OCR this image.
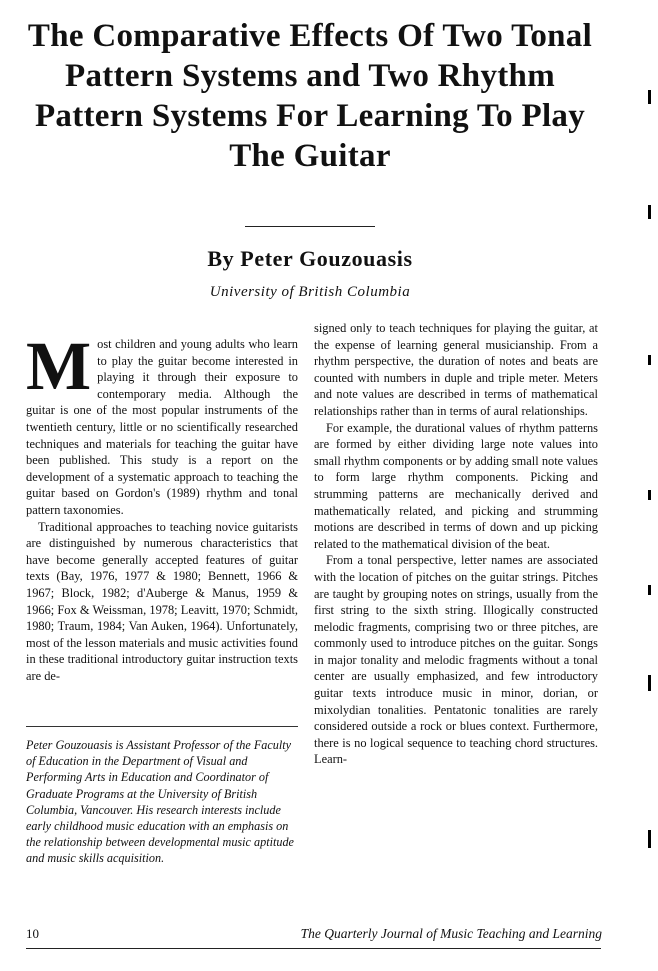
The Comparative Effects Of Two Tonal Pattern Systems and Two Rhythm Pattern Systems For Learning To Play The Guitar
By Peter Gouzouasis
University of British Columbia
M ost children and young adults who learn to play the guitar become interested in playing it through their exposure to contemporary media. Although the guitar is one of the most popular instruments of the twentieth century, little or no scientifically researched techniques and materials for teaching the guitar have been published. This study is a report on the development of a systematic approach to teaching the guitar based on Gordon's (1989) rhythm and tonal pattern taxonomies.

Traditional approaches to teaching novice guitarists are distinguished by numerous characteristics that have become generally accepted features of guitar texts (Bay, 1976, 1977 & 1980; Bennett, 1966 & 1967; Block, 1982; d'Auberge & Manus, 1959 & 1966; Fox & Weissman, 1978; Leavitt, 1970; Schmidt, 1980; Traum, 1984; Van Auken, 1964). Unfortunately, most of the lesson materials and music activities found in these traditional introductory guitar instruction texts are de-

Peter Gouzouasis is Assistant Professor of the Faculty of Education in the Department of Visual and Performing Arts in Education and Coordinator of Graduate Programs at the University of British Columbia, Vancouver. His research interests include early childhood music education with an emphasis on the relationship between developmental music aptitude and music skills acquisition.

signed only to teach techniques for playing the guitar, at the expense of learning general musicianship. From a rhythm perspective, the duration of notes and beats are counted with numbers in duple and triple meter. Meters and note values are described in terms of mathematical relationships rather than in terms of aural relationships.

For example, the durational values of rhythm patterns are formed by either dividing large note values into small rhythm components or by adding small note values to form large rhythm components. Picking and strumming patterns are mechanically derived and mathematically related, and picking and strumming motions are described in terms of down and up picking related to the mathematical division of the beat.

From a tonal perspective, letter names are associated with the location of pitches on the guitar strings. Pitches are taught by grouping notes on strings, usually from the first string to the sixth string. Illogically constructed melodic fragments, comprising two or three pitches, are commonly used to introduce pitches on the guitar. Songs in major tonality and melodic fragments without a tonal center are usually emphasized, and few introductory guitar texts introduce music in minor, dorian, or mixolydian tonalities. Pentatonic tonalities are rarely considered outside a rock or blues context. Furthermore, there is no logical sequence to teaching chord structures. Learn-

10	The Quarterly Journal of Music Teaching and Learning
